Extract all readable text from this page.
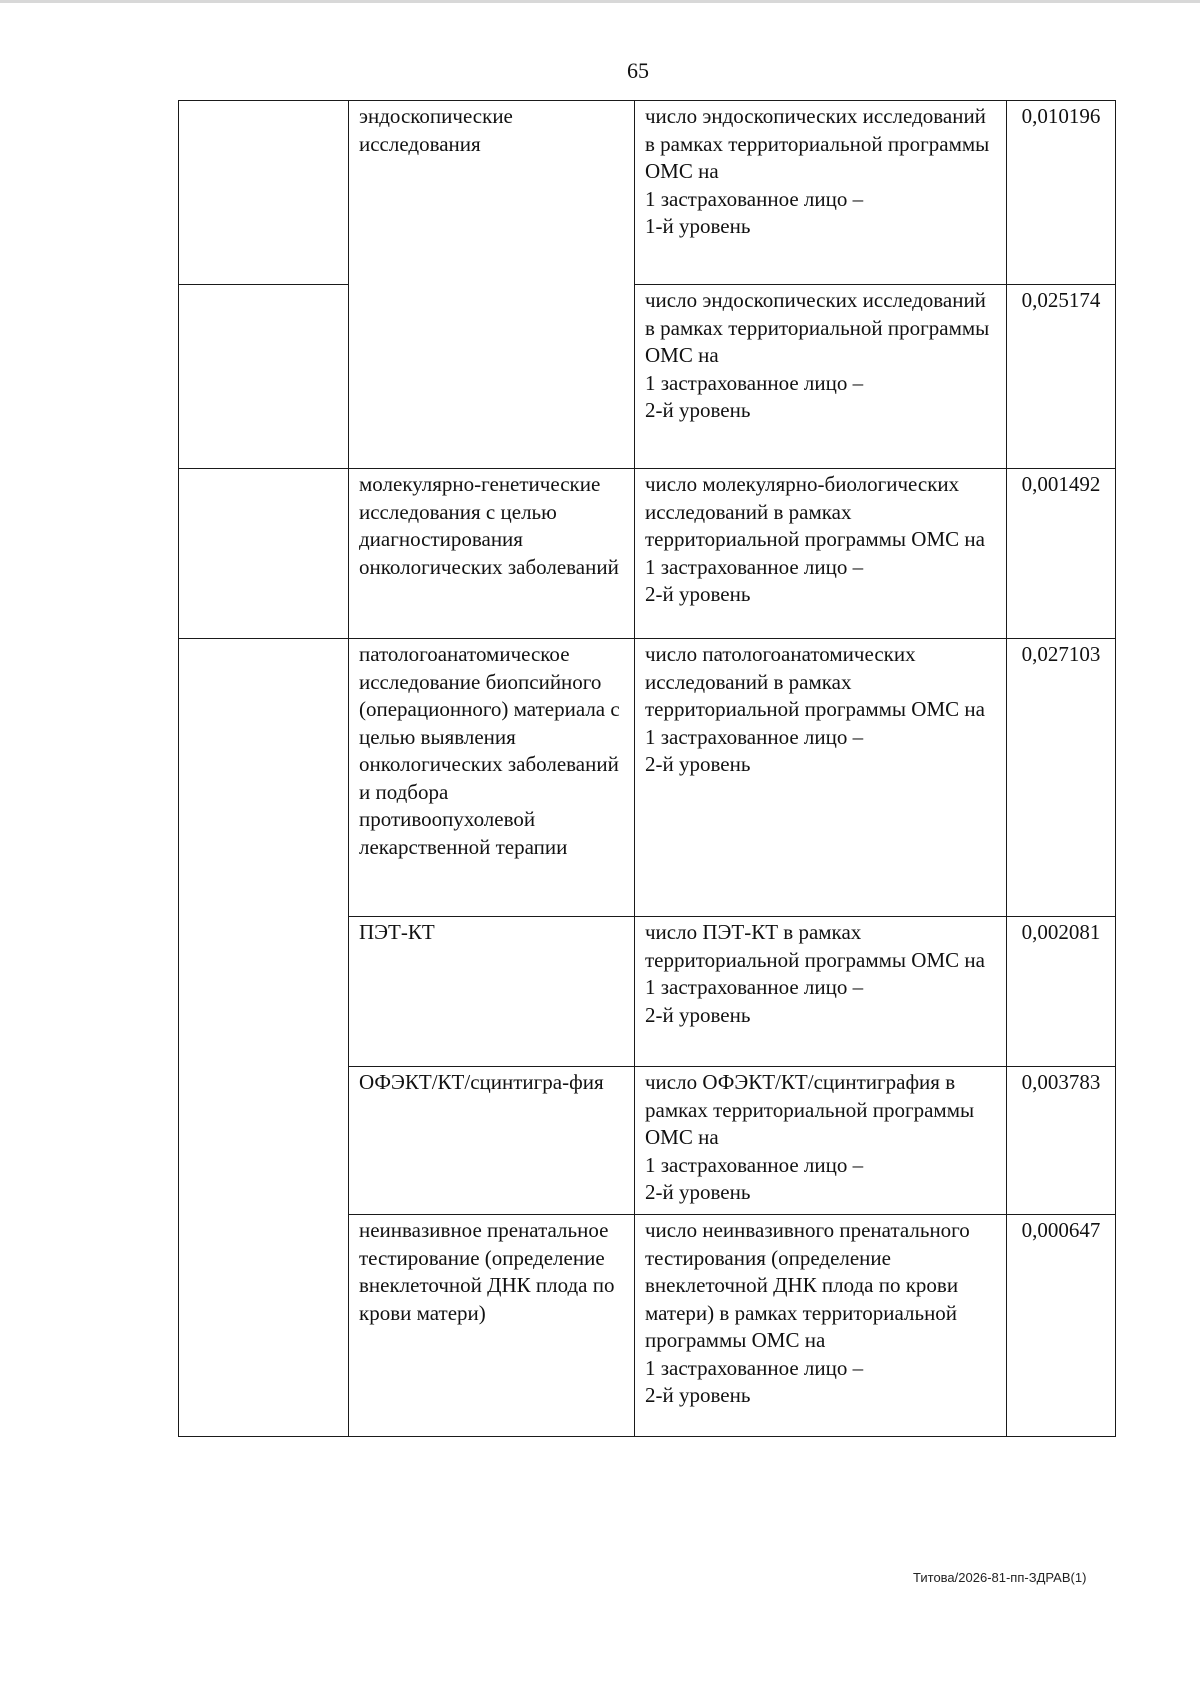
65
	эндоскопические исследования	число эндоскопических исследований в рамках территориальной программы ОМС на
1 застрахованное лицо –
1-й уровень	0,010196
		число эндоскопических исследований в рамках территориальной программы ОМС на
1 застрахованное лицо –
2-й уровень	0,025174
	молекулярно-генетические исследования с целью диагностирования онкологических заболеваний	число молекулярно-биологических исследований в рамках территориальной программы ОМС на
1 застрахованное лицо –
2-й уровень	0,001492
	патологоанатомическое исследование биопсийного (операционного) материала с целью выявления онкологических заболеваний и подбора противоопухолевой лекарственной терапии	число патологоанатомических исследований в рамках территориальной программы ОМС на
1 застрахованное лицо –
2-й уровень	0,027103
	ПЭТ-КТ	число ПЭТ-КТ в рамках территориальной программы ОМС на
1 застрахованное лицо –
2-й уровень	0,002081
	ОФЭКТ/КТ/сцинтигра-фия	число ОФЭКТ/КТ/сцинтиграфия в рамках территориальной программы ОМС на
1 застрахованное лицо –
2-й уровень	0,003783
	неинвазивное пренатальное тестирование (определение внеклеточной ДНК плода по крови матери)	число неинвазивного пренатального тестирования (определение внеклеточной ДНК плода по крови матери) в рамках территориальной программы ОМС на
1 застрахованное лицо –
2-й уровень	0,000647
Титова/2026-81-пп-ЗДРАВ(1)
